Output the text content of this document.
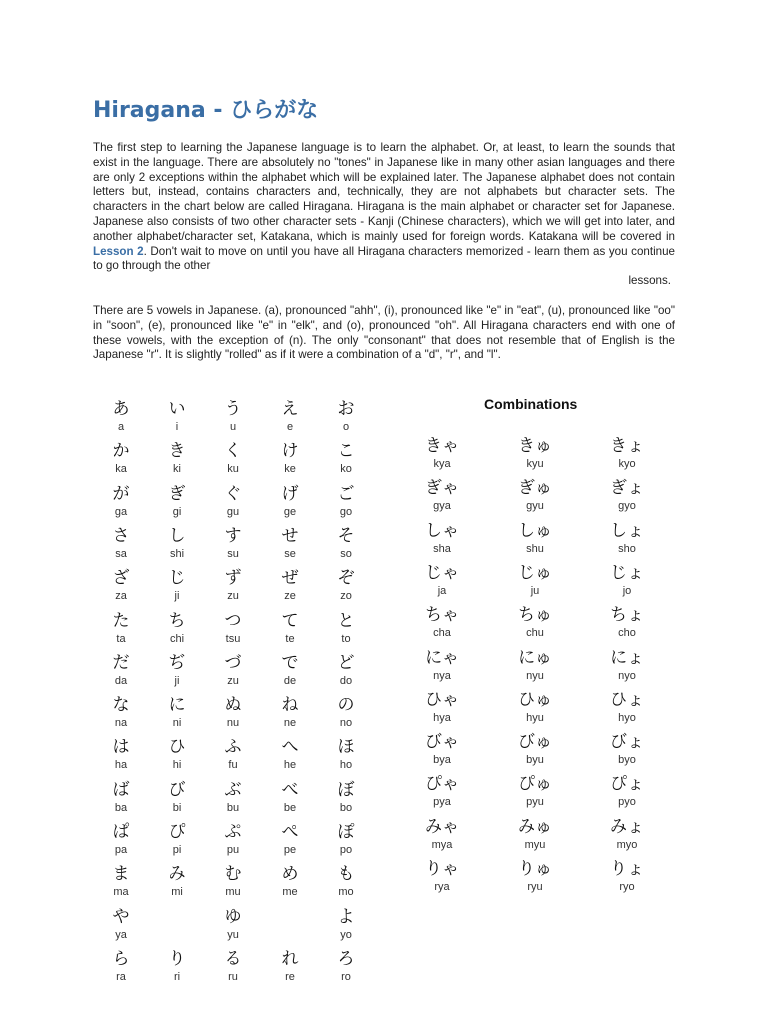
Hiragana - ひらがな

The first step to learning the Japanese language is to learn the alphabet. Or, at least, to learn the sounds that exist in the language. There are absolutely no "tones" in Japanese like in many other asian languages and there are only 2 exceptions within the alphabet which will be explained later. The Japanese alphabet does not contain letters but, instead, contains characters and, technically, they are not alphabets but character sets. The characters in the chart below are called Hiragana. Hiragana is the main alphabet or character set for Japanese. Japanese also consists of two other character sets - Kanji (Chinese characters), which we will get into later, and another alphabet/character set, Katakana, which is mainly used for foreign words. Katakana will be covered in Lesson 2. Don't wait to move on until you have all Hiragana characters memorized - learn them as you continue to go through the other
lessons.

There are 5 vowels in Japanese. (a), pronounced "ahh", (i), pronounced like "e" in "eat", (u), pronounced like "oo" in "soon", (e), pronounced like "e" in "elk", and (o), pronounced "oh". All Hiragana characters end with one of these vowels, with the exception of (n). The only "consonant" that does not resemble that of English is the Japanese "r". It is slightly "rolled" as if it were a combination of a "d", "r", and "l".

あ
a
い
i
う
u
え
e
お
o
か
ka
き
ki
く
ku
け
ke
こ
ko
が
ga
ぎ
gi
ぐ
gu
げ
ge
ご
go
さ
sa
し
shi
す
su
せ
se
そ
so
ざ
za
じ
ji
ず
zu
ぜ
ze
ぞ
zo
た
ta
ち
chi
つ
tsu
て
te
と
to
だ
da
ぢ
ji
づ
zu
で
de
ど
do
な
na
に
ni
ぬ
nu
ね
ne
の
no
は
ha
ひ
hi
ふ
fu
へ
he
ほ
ho
ば
ba
び
bi
ぶ
bu
べ
be
ぼ
bo
ぱ
pa
ぴ
pi
ぷ
pu
ぺ
pe
ぽ
po
ま
ma
み
mi
む
mu
め
me
も
mo
や
ya
ゆ
yu
よ
yo
ら
ra
り
ri
る
ru
れ
re
ろ
ro
Combinations
きゃ
kya
きゅ
kyu
きょ
kyo
ぎゃ
gya
ぎゅ
gyu
ぎょ
gyo
しゃ
sha
しゅ
shu
しょ
sho
じゃ
ja
じゅ
ju
じょ
jo
ちゃ
cha
ちゅ
chu
ちょ
cho
にゃ
nya
にゅ
nyu
にょ
nyo
ひゃ
hya
ひゅ
hyu
ひょ
hyo
びゃ
bya
びゅ
byu
びょ
byo
ぴゃ
pya
ぴゅ
pyu
ぴょ
pyo
みゃ
mya
みゅ
myu
みょ
myo
りゃ
rya
りゅ
ryu
りょ
ryo
